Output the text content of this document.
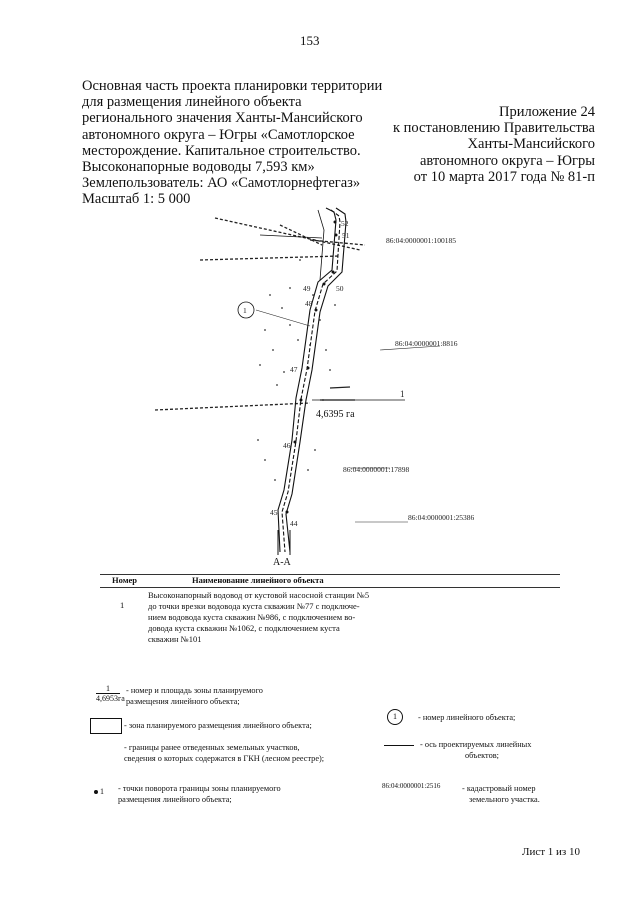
153
Основная часть проекта планировки территории
для размещения линейного объекта
регионального значения Ханты-Мансийского
автономного округа – Югры «Самотлорское
месторождение. Капитальное строительство.
Высоконапорные водоводы 7,593 км»
Землепользователь: АО «Самотлорнефтегаз»
Масштаб 1: 5 000
Приложение 24
к постановлению Правительства
Ханты-Мансийского
автономного округа – Югры
от 10 марта 2017 года № 81-п
52
51
50
49
48
47
46
45
44
86:04:0000001:100185
86:04:0000001:8816
86:04:0000001:17898
86:04:0000001:25386
1
1
4,6395 га
А-А
Номер	Наименование линейного объекта
1
Высоконапорный водовод от кустовой насосной станции №5
до точки врезки водовода куста скважин №77 с подключе-
нием водовода куста скважин №986, с подключением во-
довода куста скважин №1062, с подключением куста
скважин №101
1
4,6953га
- номер и площадь зоны планируемого
размещения линейного объекта;
- зона планируемого размещения линейного объекта;
- границы ранее отведенных земельных участков,
сведения о которых содержатся в ГКН (лесном реестре);
1 - точки поворота границы зоны планируемого
размещения линейного объекта;
1	- номер линейного объекта;
- ось проектируемых линейных
объектов;
86:04:0000001:2516	- кадастровый номер
земельного участка.
Лист 1 из 10
